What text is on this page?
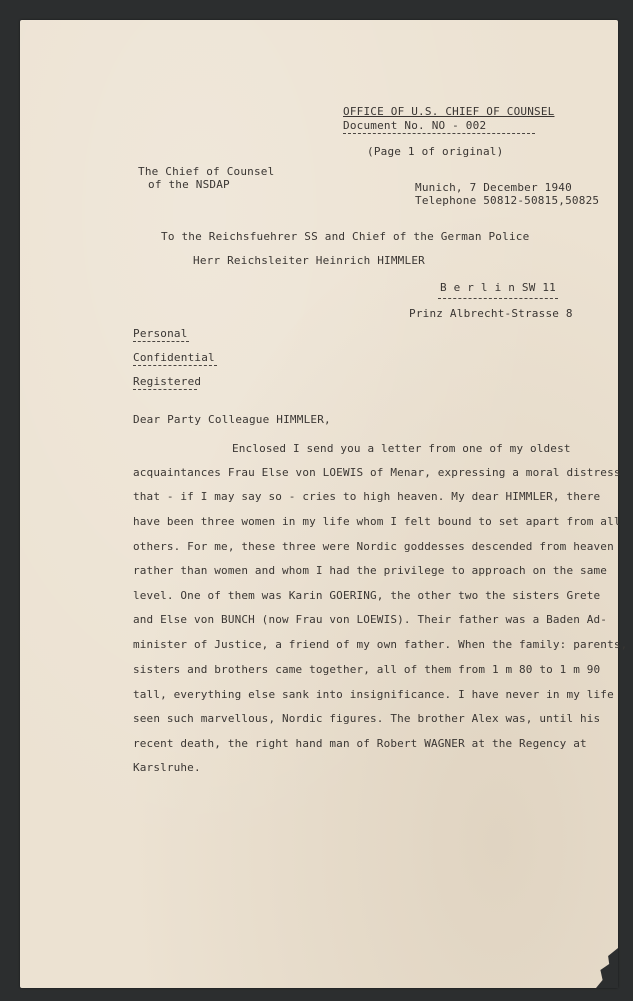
OFFICE OF U.S. CHIEF OF COUNSEL
Document No. NO - 002
(Page 1 of original)
The Chief of Counsel
of the NSDAP	Munich, 7 December 1940
Telephone 50812-50815,50825
To the Reichsfuehrer SS and Chief of the German Police
Herr Reichsleiter Heinrich HIMMLER
B e r l i n SW 11
Prinz Albrecht-Strasse 8
Personal
Confidential
Registered
Dear Party Colleague HIMMLER,
Enclosed I send you a letter from one of my oldest
acquaintances Frau Else von LOEWIS of Menar, expressing a moral distress
that - if I may say so - cries to high heaven. My dear HIMMLER, there
have been three women in my life whom I felt bound to set apart from all
others. For me, these three were Nordic goddesses descended from heaven
rather than women and whom I had the privilege to approach on the same
level. One of them was Karin GOERING, the other two the sisters Grete
and Else von BUNCH (now Frau von LOEWIS). Their father was a Baden Ad-
minister of Justice, a friend of my own father. When the family: parents,
sisters and brothers came together, all of them from 1 m 80 to 1 m 90
tall, everything else sank into insignificance. I have never in my life
seen such marvellous, Nordic figures. The brother Alex was, until his
recent death, the right hand man of Robert WAGNER at the Regency at
Karslruhe.
